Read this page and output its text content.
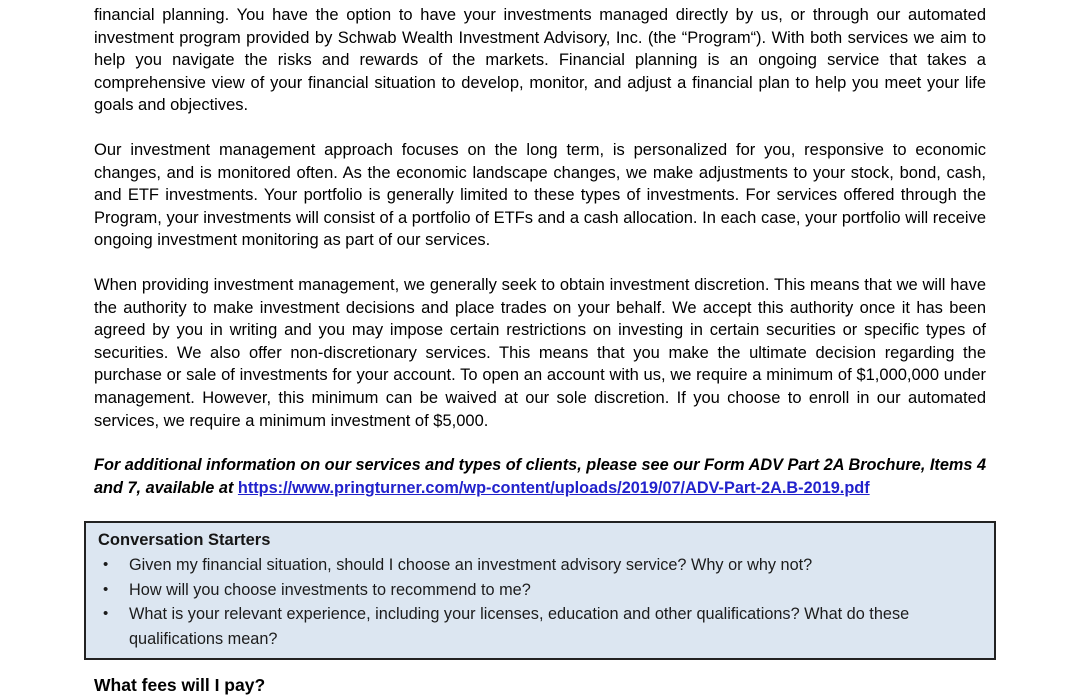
financial planning. You have the option to have your investments managed directly by us, or through our automated investment program provided by Schwab Wealth Investment Advisory, Inc. (the “Program“). With both services we aim to help you navigate the risks and rewards of the markets. Financial planning is an ongoing service that takes a comprehensive view of your financial situation to develop, monitor, and adjust a financial plan to help you meet your life goals and objectives.

Our investment management approach focuses on the long term, is personalized for you, responsive to economic changes, and is monitored often. As the economic landscape changes, we make adjustments to your stock, bond, cash, and ETF investments. Your portfolio is generally limited to these types of investments. For services offered through the Program, your investments will consist of a portfolio of ETFs and a cash allocation. In each case, your portfolio will receive ongoing investment monitoring as part of our services.

When providing investment management, we generally seek to obtain investment discretion. This means that we will have the authority to make investment decisions and place trades on your behalf. We accept this authority once it has been agreed by you in writing and you may impose certain restrictions on investing in certain securities or specific types of securities. We also offer non-discretionary services. This means that you make the ultimate decision regarding the purchase or sale of investments for your account. To open an account with us, we require a minimum of $1,000,000 under management. However, this minimum can be waived at our sole discretion. If you choose to enroll in our automated services, we require a minimum investment of $5,000.

For additional information on our services and types of clients, please see our Form ADV Part 2A Brochure, Items 4 and 7, available at https://www.pringturner.com/wp-content/uploads/2019/07/ADV-Part-2A.B-2019.pdf

Conversation Starters
• Given my financial situation, should I choose an investment advisory service? Why or why not?
• How will you choose investments to recommend to me?
• What is your relevant experience, including your licenses, education and other qualifications? What do these qualifications mean?
What fees will I pay?
